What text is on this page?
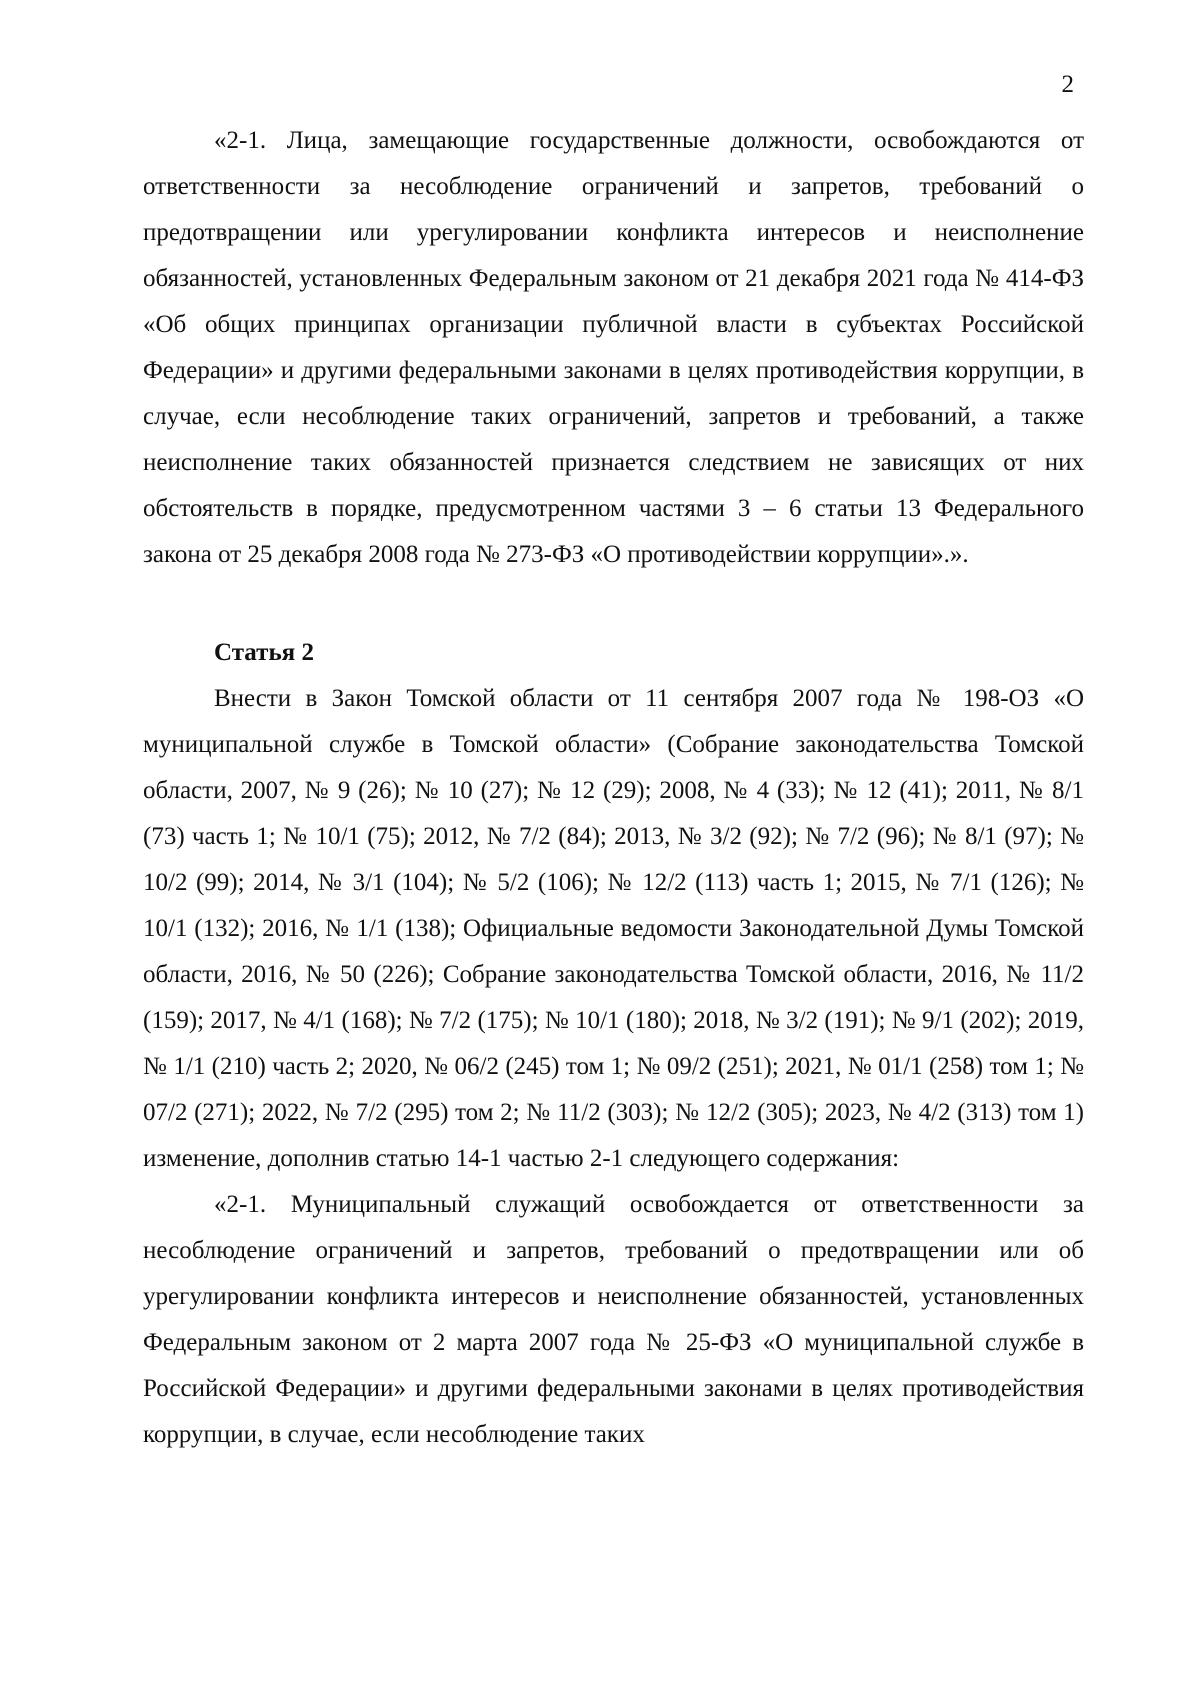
2

«2-1. Лица, замещающие государственные должности, освобождаются от ответственности за несоблюдение ограничений и запретов, требований о предотвращении или урегулировании конфликта интересов и неисполнение обязанностей, установленных Федеральным законом от 21 декабря 2021 года № 414-ФЗ «Об общих принципах организации публичной власти в субъектах Российской Федерации» и другими федеральными законами в целях противодействия коррупции, в случае, если несоблюдение таких ограничений, запретов и требований, а также неисполнение таких обязанностей признается следствием не зависящих от них обстоятельств в порядке, предусмотренном частями 3 – 6 статьи 13 Федерального закона от 25 декабря 2008 года № 273-ФЗ «О противодействии коррупции».».

Статья 2

Внести в Закон Томской области от 11 сентября 2007 года № 198-ОЗ «О муниципальной службе в Томской области» (Собрание законодательства Томской области, 2007, № 9 (26); № 10 (27); № 12 (29); 2008, № 4 (33); № 12 (41); 2011, № 8/1 (73) часть 1; № 10/1 (75); 2012, № 7/2 (84); 2013, № 3/2 (92); № 7/2 (96); № 8/1 (97); № 10/2 (99); 2014, № 3/1 (104); № 5/2 (106); № 12/2 (113) часть 1; 2015, № 7/1 (126); № 10/1 (132); 2016, № 1/1 (138); Официальные ведомости Законодательной Думы Томской области, 2016, № 50 (226); Собрание законодательства Томской области, 2016, № 11/2 (159); 2017, № 4/1 (168); № 7/2 (175); № 10/1 (180); 2018, № 3/2 (191); № 9/1 (202); 2019, № 1/1 (210) часть 2; 2020, № 06/2 (245) том 1; № 09/2 (251); 2021, № 01/1 (258) том 1; № 07/2 (271); 2022, № 7/2 (295) том 2; № 11/2 (303); № 12/2 (305); 2023, № 4/2 (313) том 1) изменение, дополнив статью 14-1 частью 2-1 следующего содержания:

«2-1. Муниципальный служащий освобождается от ответственности за несоблюдение ограничений и запретов, требований о предотвращении или об урегулировании конфликта интересов и неисполнение обязанностей, установленных Федеральным законом от 2 марта 2007 года № 25-ФЗ «О муниципальной службе в Российской Федерации» и другими федеральными законами в целях противодействия коррупции, в случае, если несоблюдение таких
